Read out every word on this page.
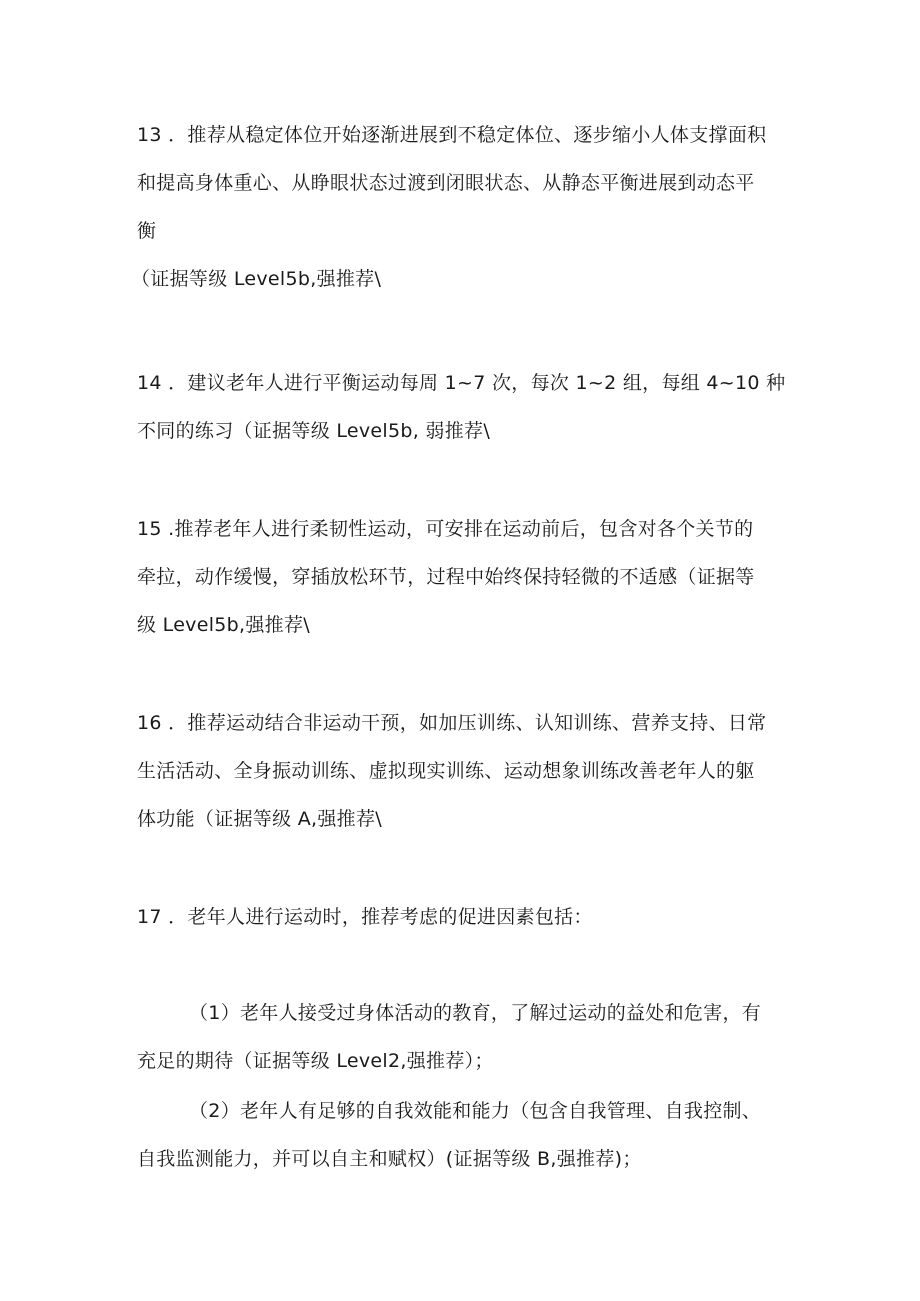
13 ．推荐从稳定体位开始逐渐进展到不稳定体位、逐步缩小人体支撑面积

和提高身体重心、从睁眼状态过渡到闭眼状态、从静态平衡进展到动态平

衡

（证据等级 Level5b,强推荐\

14 ．建议老年人进行平衡运动每周 1~7 次，每次 1~2 组，每组 4~10 种

不同的练习（证据等级 Level5b, 弱推荐\

15 .推荐老年人进行柔韧性运动，可安排在运动前后，包含对各个关节的

牵拉，动作缓慢，穿插放松环节，过程中始终保持轻微的不适感（证据等

级 Level5b,强推荐\

16 ．推荐运动结合非运动干预，如加压训练、认知训练、营养支持、日常

生活活动、全身振动训练、虚拟现实训练、运动想象训练改善老年人的躯

体功能（证据等级 A,强推荐\

17 ．老年人进行运动时，推荐考虑的促进因素包括：

（1）老年人接受过身体活动的教育，了解过运动的益处和危害，有

充足的期待（证据等级 Level2,强推荐）；

（2）老年人有足够的自我效能和能力（包含自我管理、自我控制、

自我监测能力，并可以自主和赋权）(证据等级 B,强推荐)；
